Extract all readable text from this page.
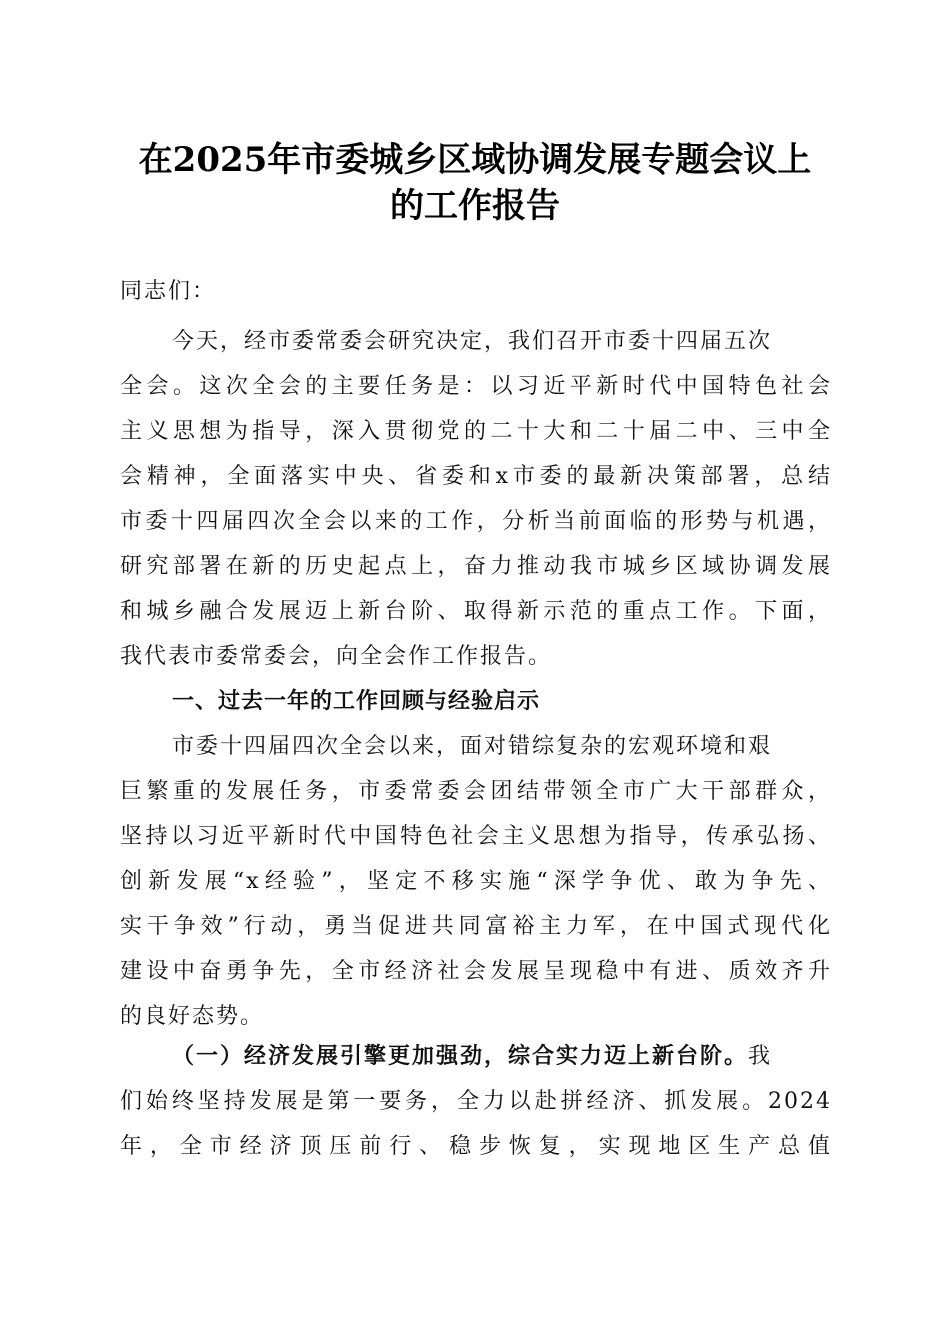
在2025年市委城乡区域协调发展专题会议上
的工作报告

同志们：

今天，经市委常委会研究决定，我们召开市委十四届五次
全会。这次全会的主要任务是：以习近平新时代中国特色社会
主义思想为指导，深入贯彻党的二十大和二十届二中、三中全
会精神，全面落实中央、省委和x市委的最新决策部署，总结
市委十四届四次全会以来的工作，分析当前面临的形势与机遇，
研究部署在新的历史起点上，奋力推动我市城乡区域协调发展
和城乡融合发展迈上新台阶、取得新示范的重点工作。下面，
我代表市委常委会，向全会作工作报告。

一、过去一年的工作回顾与经验启示

市委十四届四次全会以来，面对错综复杂的宏观环境和艰
巨繁重的发展任务，市委常委会团结带领全市广大干部群众，
坚持以习近平新时代中国特色社会主义思想为指导，传承弘扬、
创新发展“x经验”，坚定不移实施“深学争优、敢为争先、
实干争效”行动，勇当促进共同富裕主力军，在中国式现代化
建设中奋勇争先，全市经济社会发展呈现稳中有进、质效齐升
的良好态势。

（一）经济发展引擎更加强劲，综合实力迈上新台阶。我
们始终坚持发展是第一要务，全力以赴拼经济、抓发展。2024
年，全市经济顶压前行、稳步恢复，实现地区生产总值
